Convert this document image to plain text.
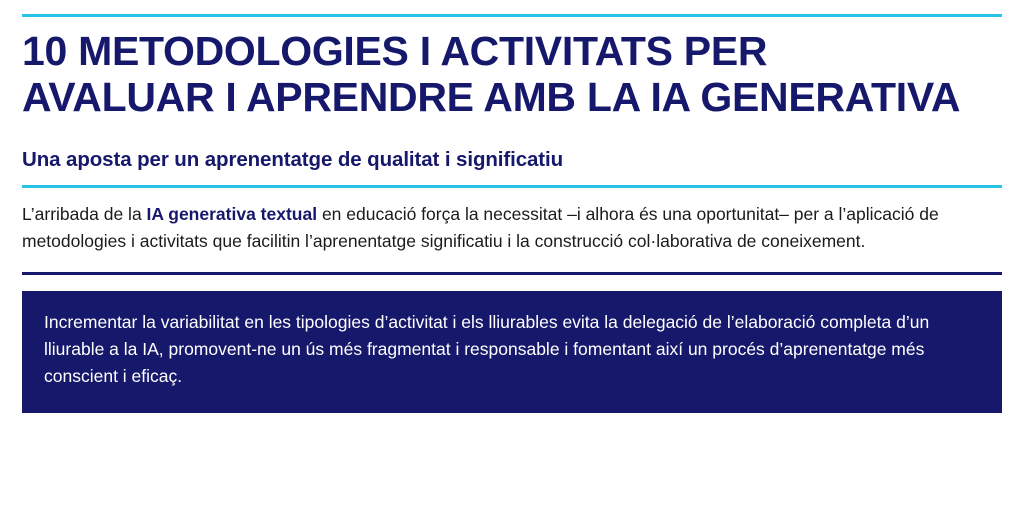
10 METODOLOGIES I ACTIVITATS PER
AVALUAR I APRENDRE AMB LA IA GENERATIVA
Una aposta per un aprenentatge de qualitat i significatiu

L’arribada de la IA generativa textual en educació força la necessitat –i alhora és una oportunitat– per a l’aplicació de metodologies i activitats que facilitin l’aprenentatge significatiu i la construcció col·laborativa de coneixement.

Incrementar la variabilitat en les tipologies d’activitat i els lliurables evita la delegació de l’elaboració completa d’un lliurable a la IA, promovent-ne un ús més fragmentat i responsable i fomentant així un procés d’aprenentatge més conscient i eficaç.
